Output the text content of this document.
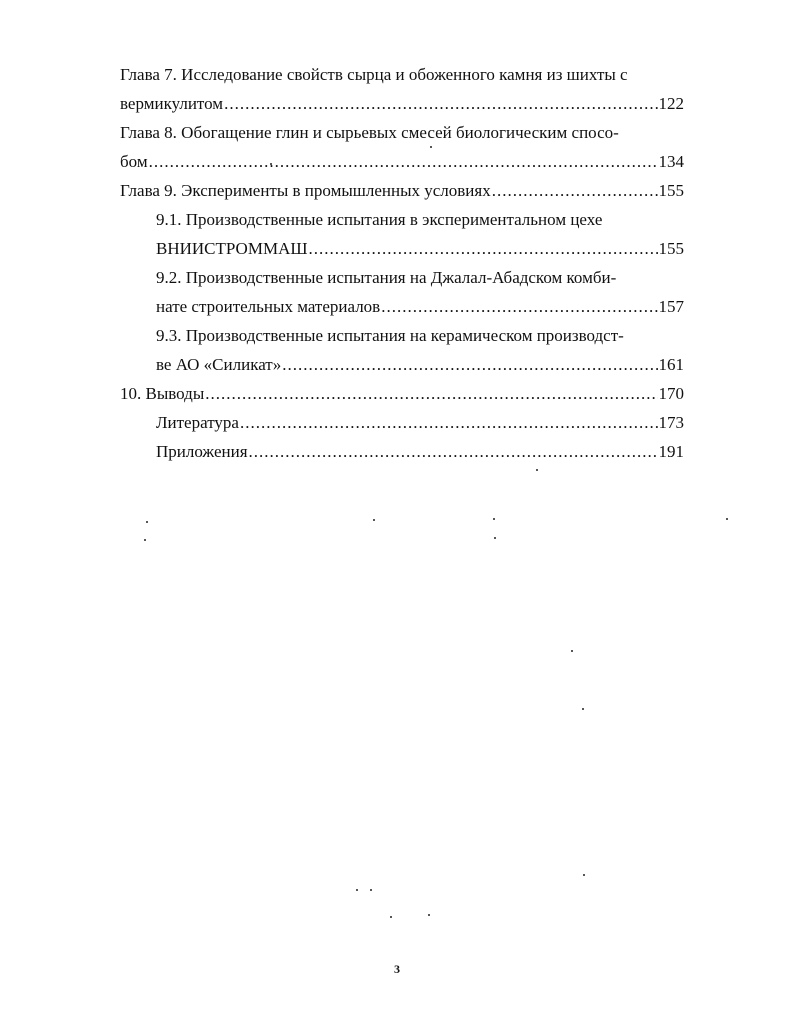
Глава 7. Исследование свойств сырца и обоженного камня из шихты с
вермикулитом .....	122
Глава 8. Обогащение глин и сырьевых смесей биологическим спосо-
бом .....	134
Глава 9. Эксперименты в промышленных условиях .....	155
9.1. Производственные испытания в экспериментальном цехе
ВНИИСТРОММАШ .....	155
9.2. Производственные испытания на Джалал-Абадском комби-
нате строительных материалов .....	157
9.3. Производственные испытания на керамическом производст-
ве АО «Силикат» .....	161
10. Выводы .....	170
Литература .....	173
Приложения .....	191
3
